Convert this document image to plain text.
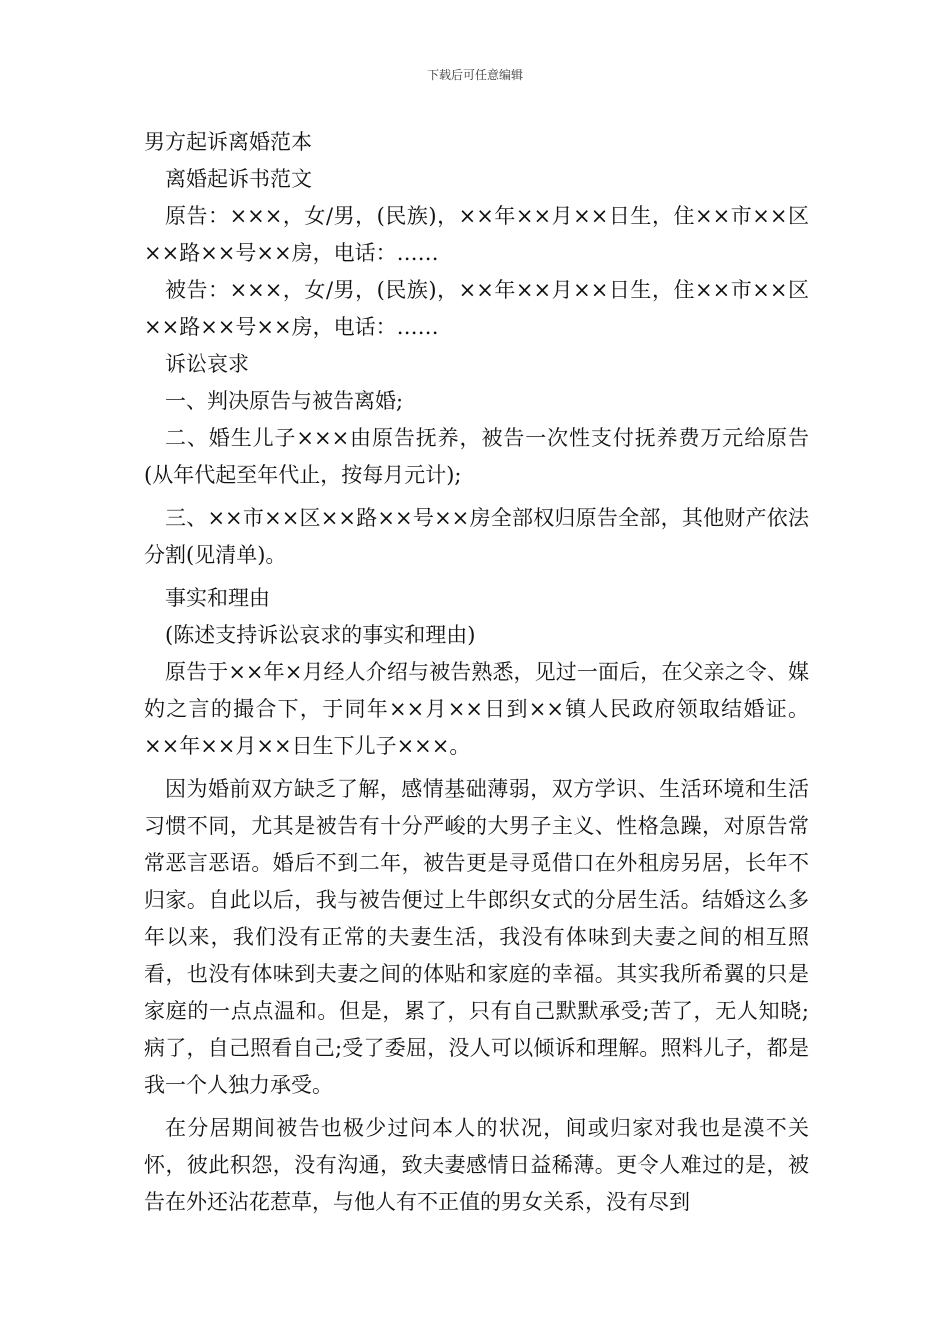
下载后可任意编辑

男方起诉离婚范本

离婚起诉书范文

原告：×××，女/男，(民族)，××年××月××日生，住××市××区××路××号××房，电话：……

被告：×××，女/男，(民族)，××年××月××日生，住××市××区××路××号××房，电话：……

诉讼哀求

一、判决原告与被告离婚;

二、婚生儿子×××由原告抚养，被告一次性支付抚养费万元给原告(从年代起至年代止，按每月元计);

三、××市××区××路××号××房全部权归原告全部，其他财产依法分割(见清单)。

事实和理由

(陈述支持诉讼哀求的事实和理由)

原告于××年×月经人介绍与被告熟悉，见过一面后，在父亲之令、媒妁之言的撮合下，于同年××月××日到××镇人民政府领取结婚证。××年××月××日生下儿子×××。

因为婚前双方缺乏了解，感情基础薄弱，双方学识、生活环境和生活习惯不同，尤其是被告有十分严峻的大男子主义、性格急躁，对原告常常恶言恶语。婚后不到二年，被告更是寻觅借口在外租房另居，长年不归家。自此以后，我与被告便过上牛郎织女式的分居生活。结婚这么多年以来，我们没有正常的夫妻生活，我没有体味到夫妻之间的相互照看，也没有体味到夫妻之间的体贴和家庭的幸福。其实我所希翼的只是家庭的一点点温和。但是，累了，只有自己默默承受;苦了，无人知晓;病了，自己照看自己;受了委屈，没人可以倾诉和理解。照料儿子，都是我一个人独力承受。

在分居期间被告也极少过问本人的状况，间或归家对我也是漠不关怀，彼此积怨，没有沟通，致夫妻感情日益稀薄。更令人难过的是，被告在外还沾花惹草，与他人有不正值的男女关系，没有尽到
